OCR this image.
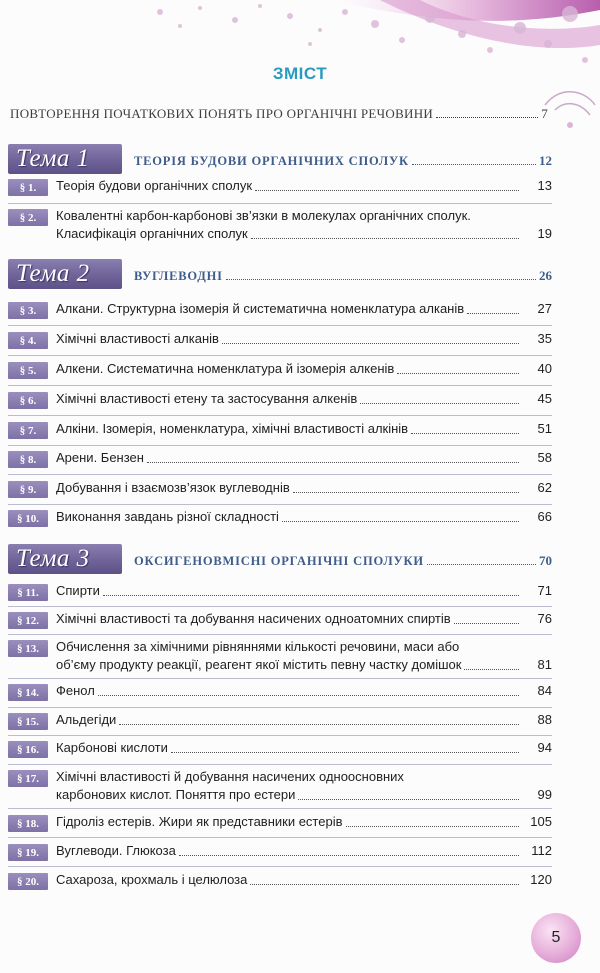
ЗМІСТ
ПОВТОРЕННЯ ПОЧАТКОВИХ ПОНЯТЬ ПРО ОРГАНІЧНІ РЕЧОВИНИ	7
Тема 1	ТЕОРІЯ БУДОВИ ОРГАНІЧНИХ СПОЛУК	12
§ 1.	Теорія будови органічних сполук	13
§ 2.	Ковалентні карбон-карбонові зв’язки в молекулах органічних сполук.
Класифікація органічних сполук	19
Тема 2	ВУГЛЕВОДНІ	26
§ 3.	Алкани. Структурна ізомерія й систематична номенклатура алканів	27
§ 4.	Хімічні властивості алканів	35
§ 5.	Алкени. Систематична номенклатура й ізомерія алкенів	40
§ 6.	Хімічні властивості етену та застосування алкенів	45
§ 7.	Алкіни. Ізомерія, номенклатура, хімічні властивості алкінів	51
§ 8.	Арени. Бензен	58
§ 9.	Добування і взаємозв’язок вуглеводнів	62
§ 10.	Виконання завдань різної складності	66
Тема 3	ОКСИГЕНОВМІСНІ ОРГАНІЧНІ СПОЛУКИ	70
§ 11.	Спирти	71
§ 12.	Хімічні властивості та добування насичених одноатомних спиртів	76
§ 13.	Обчислення за хімічними рівняннями кількості речовини, маси або
об’єму продукту реакції, реагент якої містить певну частку домішок	81
§ 14.	Фенол	84
§ 15.	Альдегіди	88
§ 16.	Карбонові кислоти	94
§ 17.	Хімічні властивості й добування насичених одноосновних
карбонових кислот. Поняття про естери	99
§ 18.	Гідроліз естерів. Жири як представники естерів	105
§ 19.	Вуглеводи. Глюкоза	112
§ 20.	Сахароза, крохмаль і целюлоза	120
5
